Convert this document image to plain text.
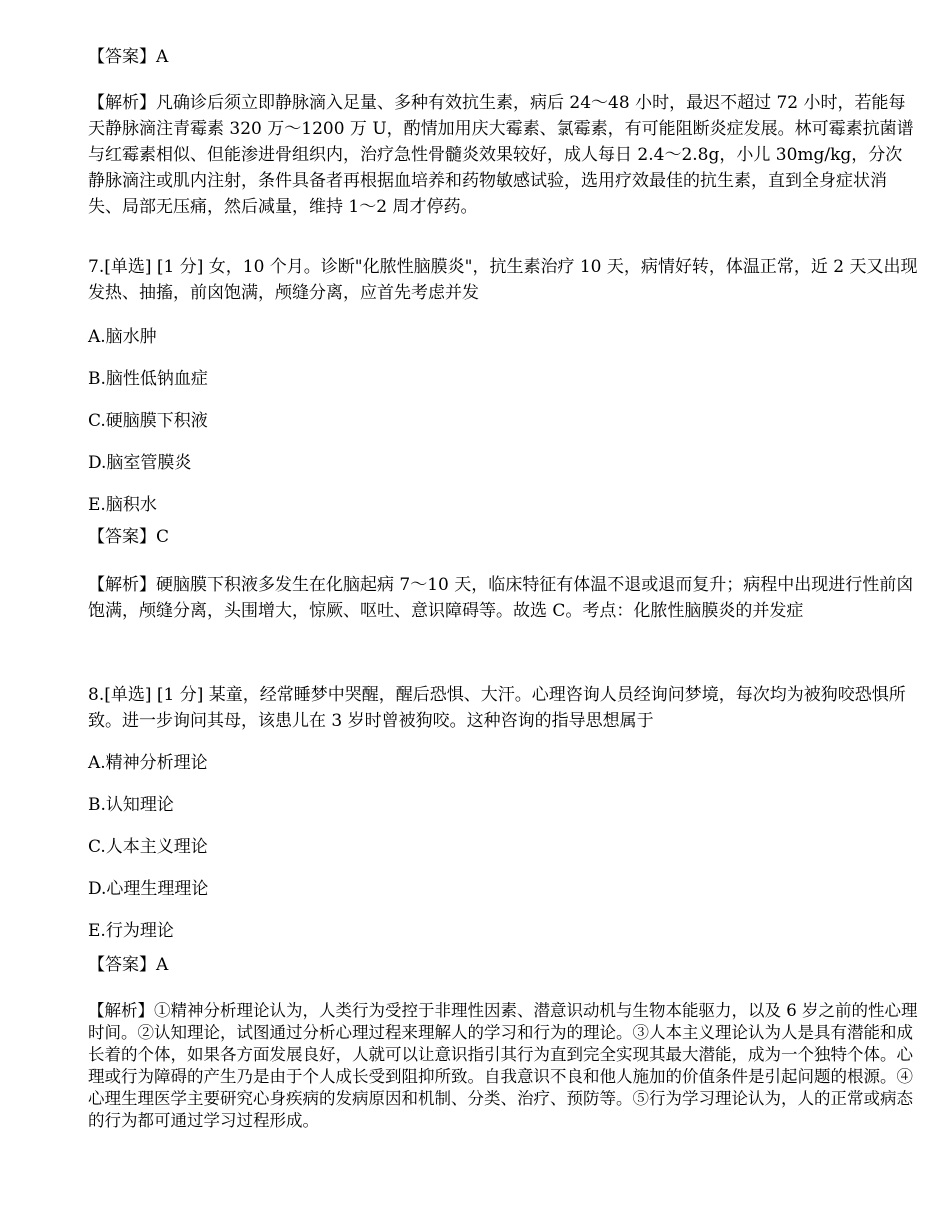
【答案】A
【解析】凡确诊后须立即静脉滴入足量、多种有效抗生素，病后 24～48 小时，最迟不超过 72 小时，若能每天静脉滴注青霉素 320 万～1200 万 U，酌情加用庆大霉素、氯霉素，有可能阻断炎症发展。林可霉素抗菌谱与红霉素相似、但能渗进骨组织内，治疗急性骨髓炎效果较好，成人每日 2.4～2.8g，小儿 30mg/kg，分次静脉滴注或肌内注射，条件具备者再根据血培养和药物敏感试验，选用疗效最佳的抗生素，直到全身症状消失、局部无压痛，然后减量，维持 1～2 周才停药。
7.[单选] [1 分] 女，10 个月。诊断"化脓性脑膜炎"，抗生素治疗 10 天，病情好转，体温正常，近 2 天又出现发热、抽搐，前囟饱满，颅缝分离，应首先考虑并发
A.脑水肿
B.脑性低钠血症
C.硬脑膜下积液
D.脑室管膜炎
E.脑积水
【答案】C
【解析】硬脑膜下积液多发生在化脑起病 7～10 天，临床特征有体温不退或退而复升；病程中出现进行性前囟饱满，颅缝分离，头围增大，惊厥、呕吐、意识障碍等。故选 C。考点：化脓性脑膜炎的并发症
8.[单选] [1 分] 某童，经常睡梦中哭醒，醒后恐惧、大汗。心理咨询人员经询问梦境，每次均为被狗咬恐惧所致。进一步询问其母，该患儿在 3 岁时曾被狗咬。这种咨询的指导思想属于
A.精神分析理论
B.认知理论
C.人本主义理论
D.心理生理理论
E.行为理论
【答案】A
【解析】①精神分析理论认为，人类行为受控于非理性因素、潜意识动机与生物本能驱力，以及 6 岁之前的性心理时间。②认知理论，试图通过分析心理过程来理解人的学习和行为的理论。③人本主义理论认为人是具有潜能和成长着的个体，如果各方面发展良好，人就可以让意识指引其行为直到完全实现其最大潜能，成为一个独特个体。心理或行为障碍的产生乃是由于个人成长受到阻抑所致。自我意识不良和他人施加的价值条件是引起问题的根源。④心理生理医学主要研究心身疾病的发病原因和机制、分类、治疗、预防等。⑤行为学习理论认为，人的正常或病态的行为都可通过学习过程形成。
